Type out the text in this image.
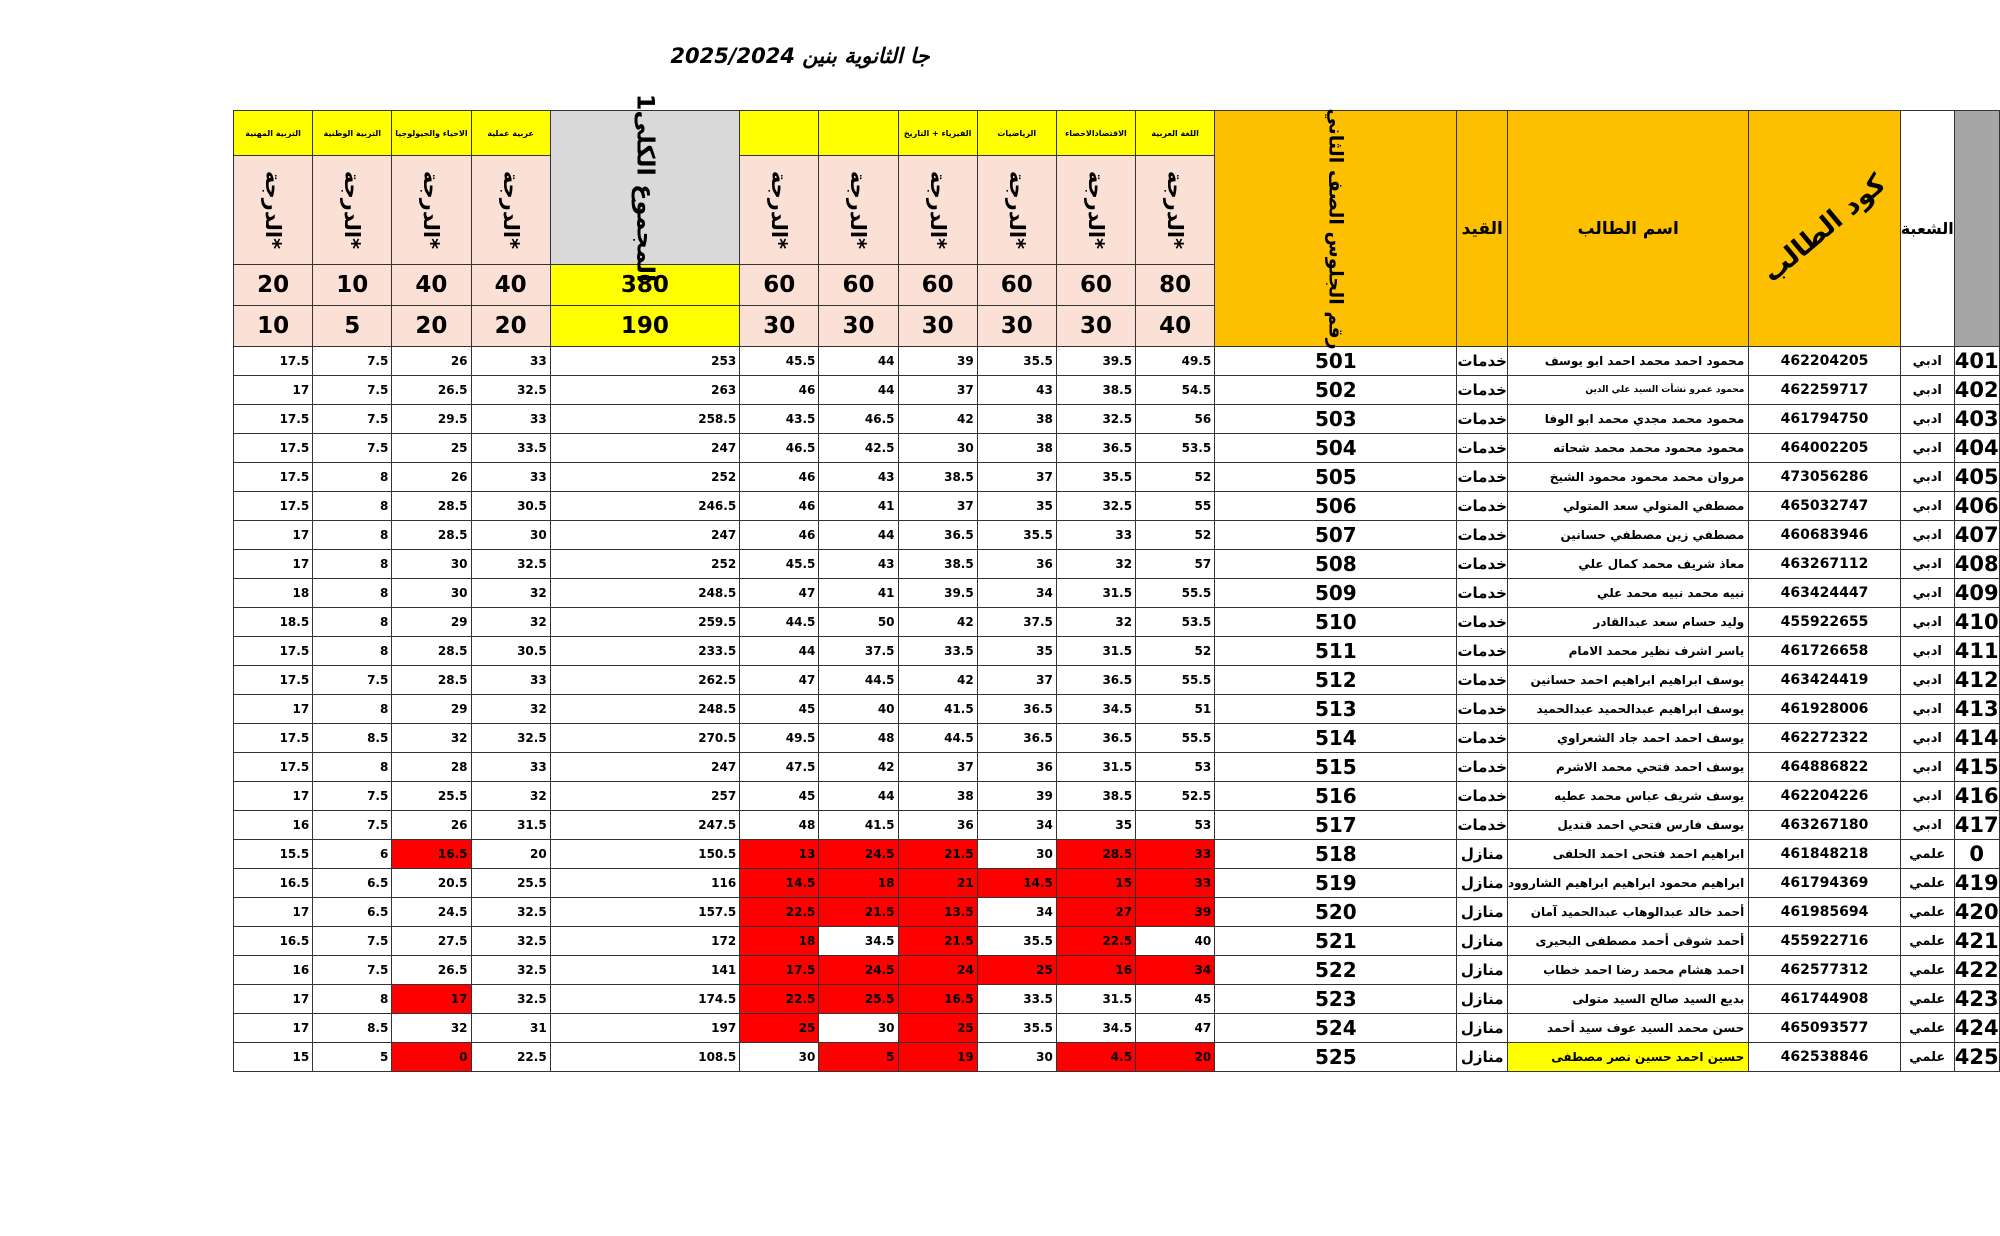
جا الثانوية بنين 2025/2024
التربية المهنية	التربية الوطنية	الاحياء والجيولوجيا	عربية عملية	المجموع الكلى1			الفيزياء + التاريخ	الرياضيات	الاقتصادالاحصاء	اللغة العربية	رقم الجلوس الصف الثاني	القيد	اسم الطالب	كود الطالب	الشعبة	
الدرجة*	الدرجة*	الدرجة*	الدرجة*		الدرجة*	الدرجة*	الدرجة*	الدرجة*	الدرجة*	الدرجة*						
20	10	40	40	380	60	60	60	60	60	80						
10	5	20	20	190	30	30	30	30	30	40						
17.5	7.5	26	33	253	45.5	44	39	35.5	39.5	49.5	501	خدمات	محمود احمد محمد احمد ابو يوسف	462204205	ادبي	401
17	7.5	26.5	32.5	263	46	44	37	43	38.5	54.5	502	خدمات	محمود عمرو نشأت السيد علي الدين	462259717	ادبي	402
17.5	7.5	29.5	33	258.5	43.5	46.5	42	38	32.5	56	503	خدمات	محمود محمد مجدي محمد ابو الوفا	461794750	ادبي	403
17.5	7.5	25	33.5	247	46.5	42.5	30	38	36.5	53.5	504	خدمات	محمود محمود محمد محمد شحاته	464002205	ادبي	404
17.5	8	26	33	252	46	43	38.5	37	35.5	52	505	خدمات	مروان محمد محمود محمود الشيخ	473056286	ادبي	405
17.5	8	28.5	30.5	246.5	46	41	37	35	32.5	55	506	خدمات	مصطفي المتولي سعد المتولي	465032747	ادبي	406
17	8	28.5	30	247	46	44	36.5	35.5	33	52	507	خدمات	مصطفي زين مصطفي حسانين	460683946	ادبي	407
17	8	30	32.5	252	45.5	43	38.5	36	32	57	508	خدمات	معاذ شريف محمد كمال علي	463267112	ادبي	408
18	8	30	32	248.5	47	41	39.5	34	31.5	55.5	509	خدمات	نبيه محمد نبيه محمد علي	463424447	ادبي	409
18.5	8	29	32	259.5	44.5	50	42	37.5	32	53.5	510	خدمات	وليد حسام سعد عبدالقادر	455922655	ادبي	410
17.5	8	28.5	30.5	233.5	44	37.5	33.5	35	31.5	52	511	خدمات	ياسر اشرف نظير محمد الامام	461726658	ادبي	411
17.5	7.5	28.5	33	262.5	47	44.5	42	37	36.5	55.5	512	خدمات	يوسف ابراهيم ابراهيم احمد حسانين	463424419	ادبي	412
17	8	29	32	248.5	45	40	41.5	36.5	34.5	51	513	خدمات	يوسف ابراهيم عبدالحميد عبدالحميد	461928006	ادبي	413
17.5	8.5	32	32.5	270.5	49.5	48	44.5	36.5	36.5	55.5	514	خدمات	يوسف احمد احمد جاد الشعراوي	462272322	ادبي	414
17.5	8	28	33	247	47.5	42	37	36	31.5	53	515	خدمات	يوسف احمد فتحي محمد الاشرم	464886822	ادبي	415
17	7.5	25.5	32	257	45	44	38	39	38.5	52.5	516	خدمات	يوسف شريف عباس محمد عطيه	462204226	ادبي	416
16	7.5	26	31.5	247.5	48	41.5	36	34	35	53	517	خدمات	يوسف فارس فتحي احمد قنديل	463267180	ادبي	417
15.5	6	16.5	20	150.5	13	24.5	21.5	30	28.5	33	518	منازل	ابراهيم احمد فتحى احمد الحلفى	461848218	علمي	0
16.5	6.5	20.5	25.5	116	14.5	18	21	14.5	15	33	519	منازل	ابراهيم محمود ابراهيم ابراهيم الشاروود	461794369	علمي	419
17	6.5	24.5	32.5	157.5	22.5	21.5	13.5	34	27	39	520	منازل	أحمد خالد عبدالوهاب عبدالحميد آمان	461985694	علمي	420
16.5	7.5	27.5	32.5	172	18	34.5	21.5	35.5	22.5	40	521	منازل	أحمد شوقى أحمد مصطفى البحيرى	455922716	علمي	421
16	7.5	26.5	32.5	141	17.5	24.5	24	25	16	34	522	منازل	احمد هشام محمد رضا احمد خطاب	462577312	علمي	422
17	8	17	32.5	174.5	22.5	25.5	16.5	33.5	31.5	45	523	منازل	بديع السيد صالح السيد متولى	461744908	علمي	423
17	8.5	32	31	197	25	30	25	35.5	34.5	47	524	منازل	حسن محمد السيد عوف سيد أحمد	465093577	علمي	424
15	5	0	22.5	108.5	30	5	19	30	4.5	20	525	منازل	حسين احمد حسين نصر مصطفى	462538846	علمي	425
